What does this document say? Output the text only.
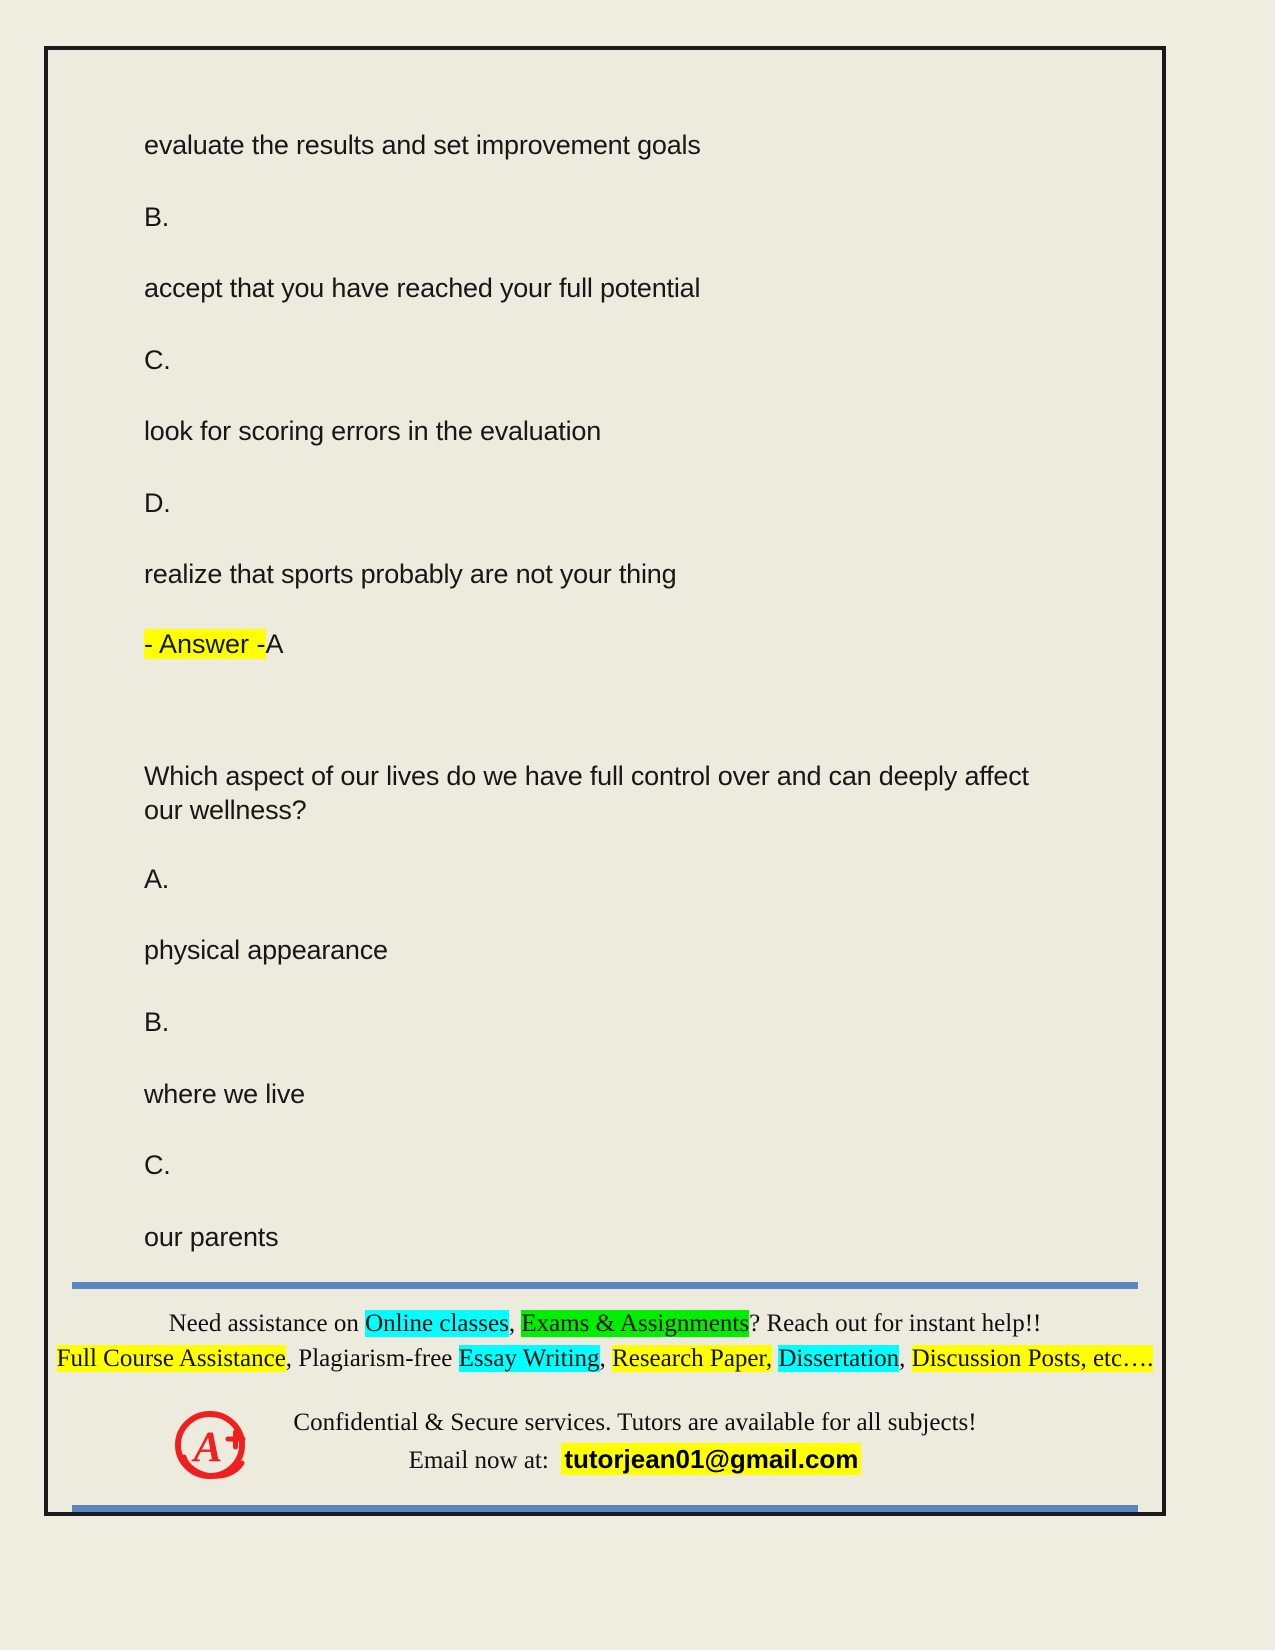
evaluate the results and set improvement goals

B.

accept that you have reached your full potential

C.

look for scoring errors in the evaluation

D.

realize that sports probably are not your thing

- Answer -A

Which aspect of our lives do we have full control over and can deeply affect our wellness?

A.

physical appearance

B.

where we live

C.

our parents

Need assistance on Online classes, Exams & Assignments? Reach out for instant help!!
Full Course Assistance, Plagiarism-free Essay Writing, Research Paper, Dissertation, Discussion Posts, etc….
A
Confidential & Secure services. Tutors are available for all subjects!
Email now at: tutorjean01@gmail.com
